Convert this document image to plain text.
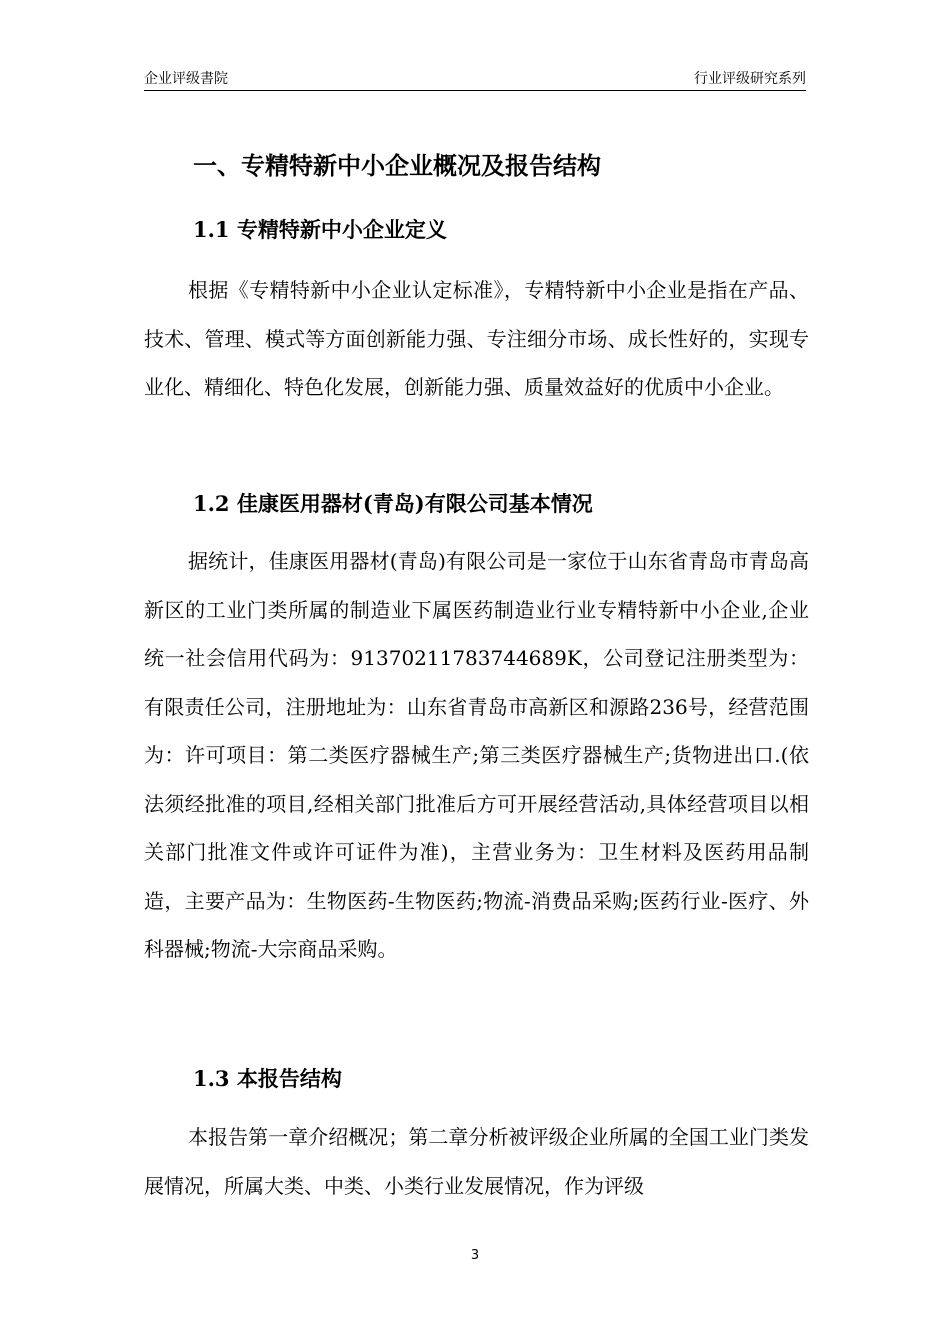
企业评级書院	行业评级研究系列
一、专精特新中小企业概况及报告结构
1.1 专精特新中小企业定义

根据《专精特新中小企业认定标准》，专精特新中小企业是指在产品、技术、管理、模式等方面创新能力强、专注细分市场、成长性好的，实现专业化、精细化、特色化发展，创新能力强、质量效益好的优质中小企业。

1.2 佳康医用器材(青岛)有限公司基本情况

据统计，佳康医用器材(青岛)有限公司是一家位于山东省青岛市青岛高新区的工业门类所属的制造业下属医药制造业行业专精特新中小企业,企业统一社会信用代码为：91370211783744689K，公司登记注册类型为：有限责任公司，注册地址为：山东省青岛市高新区和源路236号，经营范围为：许可项目：第二类医疗器械生产;第三类医疗器械生产;货物进出口.(依法须经批准的项目,经相关部门批准后方可开展经营活动,具体经营项目以相关部门批准文件或许可证件为准)，主营业务为：卫生材料及医药用品制造，主要产品为：生物医药-生物医药;物流-消费品采购;医药行业-医疗、外科器械;物流-大宗商品采购。

1.3 本报告结构

本报告第一章介绍概况；第二章分析被评级企业所属的全国工业门类发展情况，所属大类、中类、小类行业发展情况，作为评级

3
